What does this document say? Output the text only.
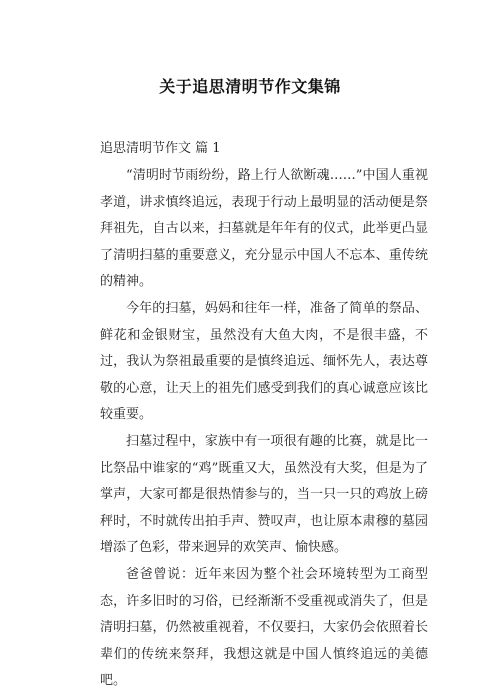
关于追思清明节作文集锦
追思清明节作文 篇 1

“清明时节雨纷纷，路上行人欲断魂……”中国人重视孝道，讲求慎终追远，表现于行动上最明显的活动便是祭拜祖先，自古以来，扫墓就是年年有的仪式，此举更凸显了清明扫墓的重要意义，充分显示中国人不忘本、重传统的精神。

今年的扫墓，妈妈和往年一样，准备了简单的祭品、鲜花和金银财宝，虽然没有大鱼大肉，不是很丰盛，不过，我认为祭祖最重要的是慎终追远、缅怀先人，表达尊敬的心意，让天上的祖先们感受到我们的真心诚意应该比较重要。

扫墓过程中，家族中有一项很有趣的比赛，就是比一比祭品中谁家的“鸡”既重又大，虽然没有大奖，但是为了掌声，大家可都是很热情参与的，当一只一只的鸡放上磅秤时，不时就传出拍手声、赞叹声，也让原本肃穆的墓园增添了色彩，带来迥异的欢笑声、愉快感。

爸爸曾说：近年来因为整个社会环境转型为工商型态，许多旧时的习俗，已经渐渐不受重视或消失了，但是清明扫墓，仍然被重视着，不仅要扫，大家仍会依照着长辈们的传统来祭拜，我想这就是中国人慎终追远的美德吧。
